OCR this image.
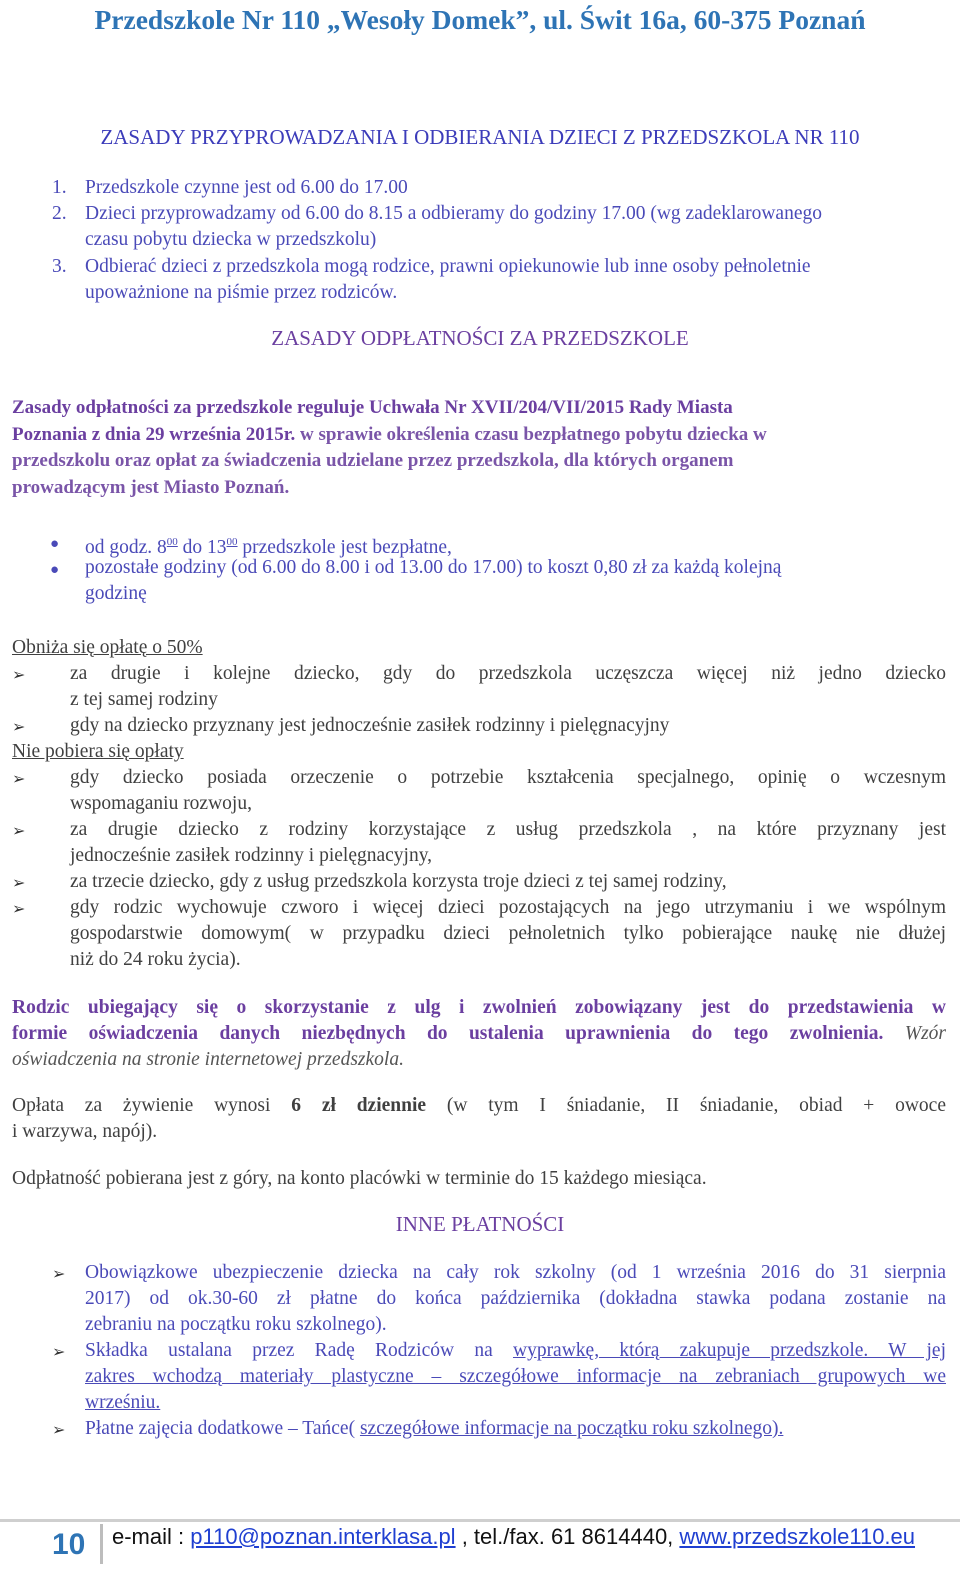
Przedszkole Nr 110 „Wesoły Domek”, ul. Świt 16a, 60-375 Poznań
ZASADY PRZYPROWADZANIA I ODBIERANIA DZIECI Z PRZEDSZKOLA NR 110
1. Przedszkole czynne jest od 6.00 do 17.00
2. Dzieci przyprowadzamy od 6.00 do 8.15 a odbieramy do godziny 17.00 (wg zadeklarowanego
czasu pobytu dziecka w przedszkolu)
3. Odbierać dzieci z przedszkola mogą rodzice, prawni opiekunowie lub inne osoby pełnoletnie
upoważnione na piśmie przez rodziców.
ZASADY ODPŁATNOŚCI ZA PRZEDSZKOLE
Zasady odpłatności za przedszkole reguluje Uchwała Nr XVII/204/VII/2015 Rady Miasta
Poznania z dnia 29 września 2015r. w sprawie określenia czasu bezpłatnego pobytu dziecka w
przedszkolu oraz opłat za świadczenia udzielane przez przedszkola, dla których organem
prowadzącym jest Miasto Poznań.
● od godz. $8^{00}$ do $13^{00}$ przedszkole jest bezpłatne,
● pozostałe godziny (od 6.00 do 8.00 i od 13.00 do 17.00) to koszt 0,80 zł za każdą kolejną
godzinę
Obniża się opłatę o 50%
➢ za drugie i kolejne dziecko, gdy do przedszkola uczęszcza więcej niż jedno dziecko
z tej samej rodziny
➢ gdy na dziecko przyznany jest jednocześnie zasiłek rodzinny i pielęgnacyjny
Nie pobiera się opłaty
➢ gdy dziecko posiada orzeczenie o potrzebie kształcenia specjalnego, opinię o wczesnym
wspomaganiu rozwoju,
➢ za drugie dziecko z rodziny korzystające z usług przedszkola , na które przyznany jest
jednocześnie zasiłek rodzinny i pielęgnacyjny,
➢ za trzecie dziecko, gdy z usług przedszkola korzysta troje dzieci z tej samej rodziny,
➢ gdy rodzic wychowuje czworo i więcej dzieci pozostających na jego utrzymaniu i we wspólnym
gospodarstwie domowym( w przypadku dzieci pełnoletnich tylko pobierające naukę nie dłużej
niż do 24 roku życia).
Rodzic ubiegający się o skorzystanie z ulg i zwolnień zobowiązany jest do przedstawienia w
formie oświadczenia danych niezbędnych do ustalenia uprawnienia do tego zwolnienia. Wzór
oświadczenia na stronie internetowej przedszkola.
Opłata za żywienie wynosi 6 zł dziennie (w tym I śniadanie, II śniadanie, obiad + owoce
i warzywa, napój).
Odpłatność pobierana jest z góry, na konto placówki w terminie do 15 każdego miesiąca.
INNE PŁATNOŚCI
➢ Obowiązkowe ubezpieczenie dziecka na cały rok szkolny (od 1 września 2016 do 31 sierpnia
2017) od ok.30-60 zł płatne do końca października (dokładna stawka podana zostanie na
zebraniu na początku roku szkolnego).
➢ Składka ustalana przez Radę Rodziców na wyprawkę, którą zakupuje przedszkole. W jej
zakres wchodzą materiały plastyczne – szczegółowe informacje na zebraniach grupowych we
wrześniu.
➢ Płatne zajęcia dodatkowe – Tańce( szczegółowe informacje na początku roku szkolnego).
10 e-mail : p110@poznan.interklasa.pl , tel./fax. 61 8614440, www.przedszkole110.eu
